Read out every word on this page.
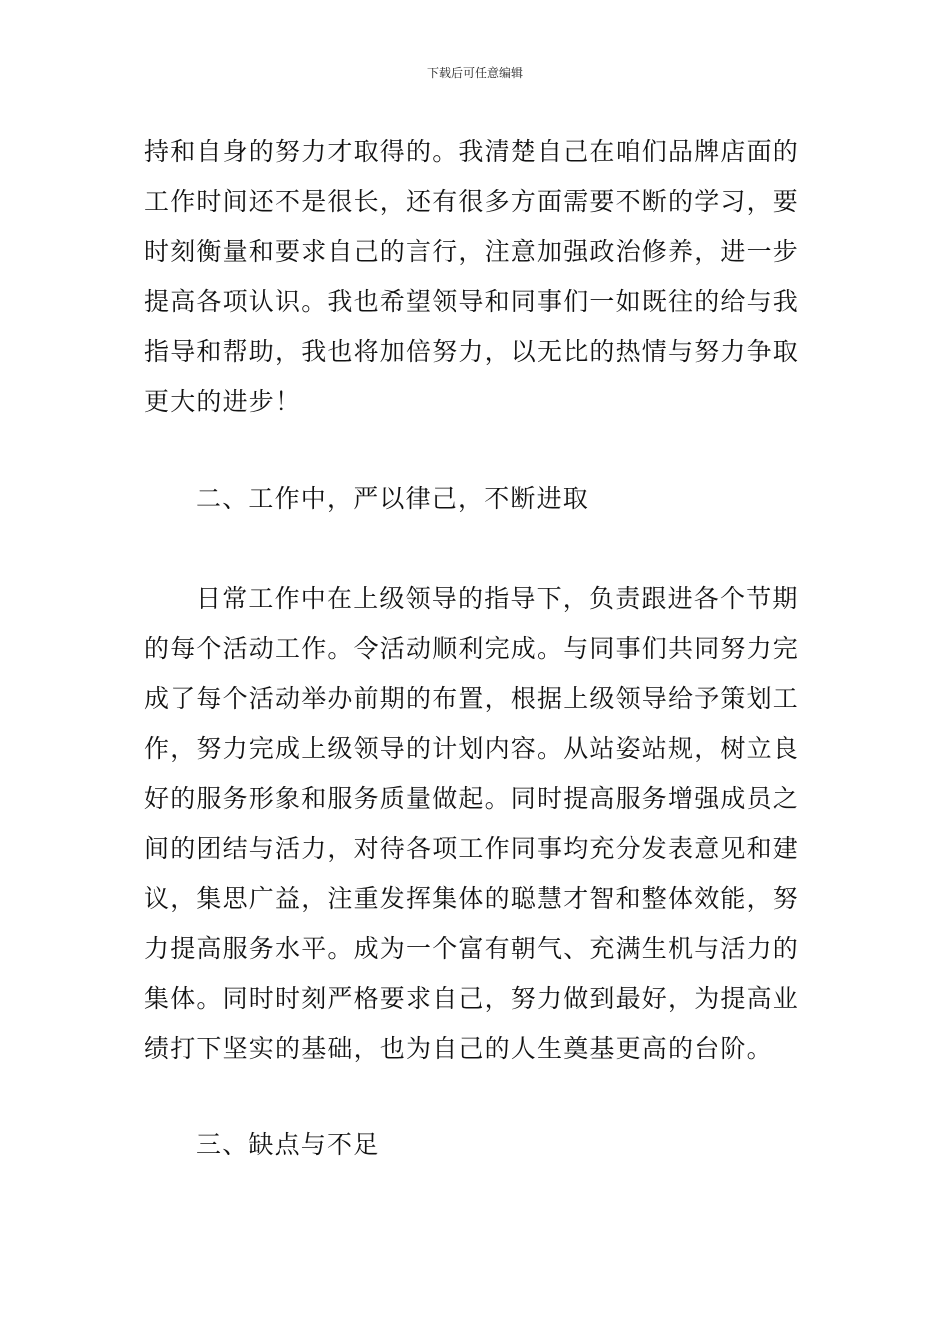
下载后可任意编辑
持和自身的努力才取得的。我清楚自己在咱们品牌店面的
工作时间还不是很长，还有很多方面需要不断的学习，要
时刻衡量和要求自己的言行，注意加强政治修养，进一步
提高各项认识。我也希望领导和同事们一如既往的给与我
指导和帮助，我也将加倍努力，以无比的热情与努力争取
更大的进步！
二、工作中，严以律己，不断进取
日常工作中在上级领导的指导下，负责跟进各个节期
的每个活动工作。令活动顺利完成。与同事们共同努力完
成了每个活动举办前期的布置，根据上级领导给予策划工
作，努力完成上级领导的计划内容。从站姿站规，树立良
好的服务形象和服务质量做起。同时提高服务增强成员之
间的团结与活力，对待各项工作同事均充分发表意见和建
议，集思广益，注重发挥集体的聪慧才智和整体效能，努
力提高服务水平。成为一个富有朝气、充满生机与活力的
集体。同时时刻严格要求自己，努力做到最好，为提高业
绩打下坚实的基础，也为自己的人生奠基更高的台阶。
三、缺点与不足
